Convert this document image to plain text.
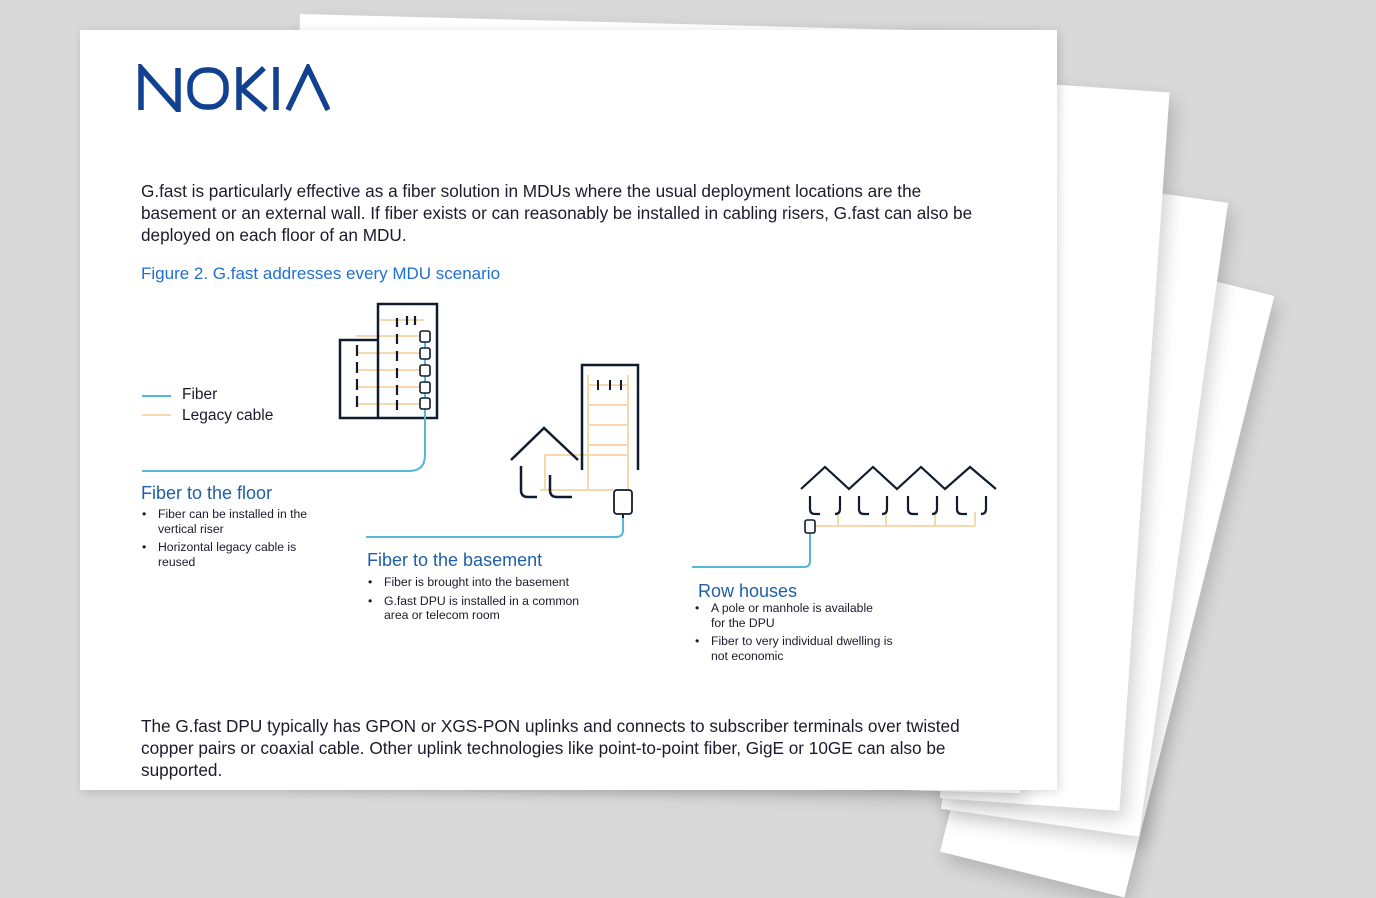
G.fast is particularly effective as a fiber solution in MDUs where the usual deployment locations are the basement or an external wall. If fiber exists or can reasonably be installed in cabling risers, G.fast can also be deployed on each floor of an MDU.

Figure 2. G.fast addresses every MDU scenario

Fiber
Legacy cable

Fiber to the floor

• Fiber can be installed in the vertical riser
• Horizontal legacy cable is reused	Fiber to the basement

• Fiber is brought into the basement
• G.fast DPU is installed in a common area or telecom room

Row houses

• A pole or manhole is available for the DPU
• Fiber to very individual dwelling is not economic

The G.fast DPU typically has GPON or XGS-PON uplinks and connects to subscriber terminals over twisted copper pairs or coaxial cable. Other uplink technologies like point-to-point fiber, GigE or 10GE can also be supported.
